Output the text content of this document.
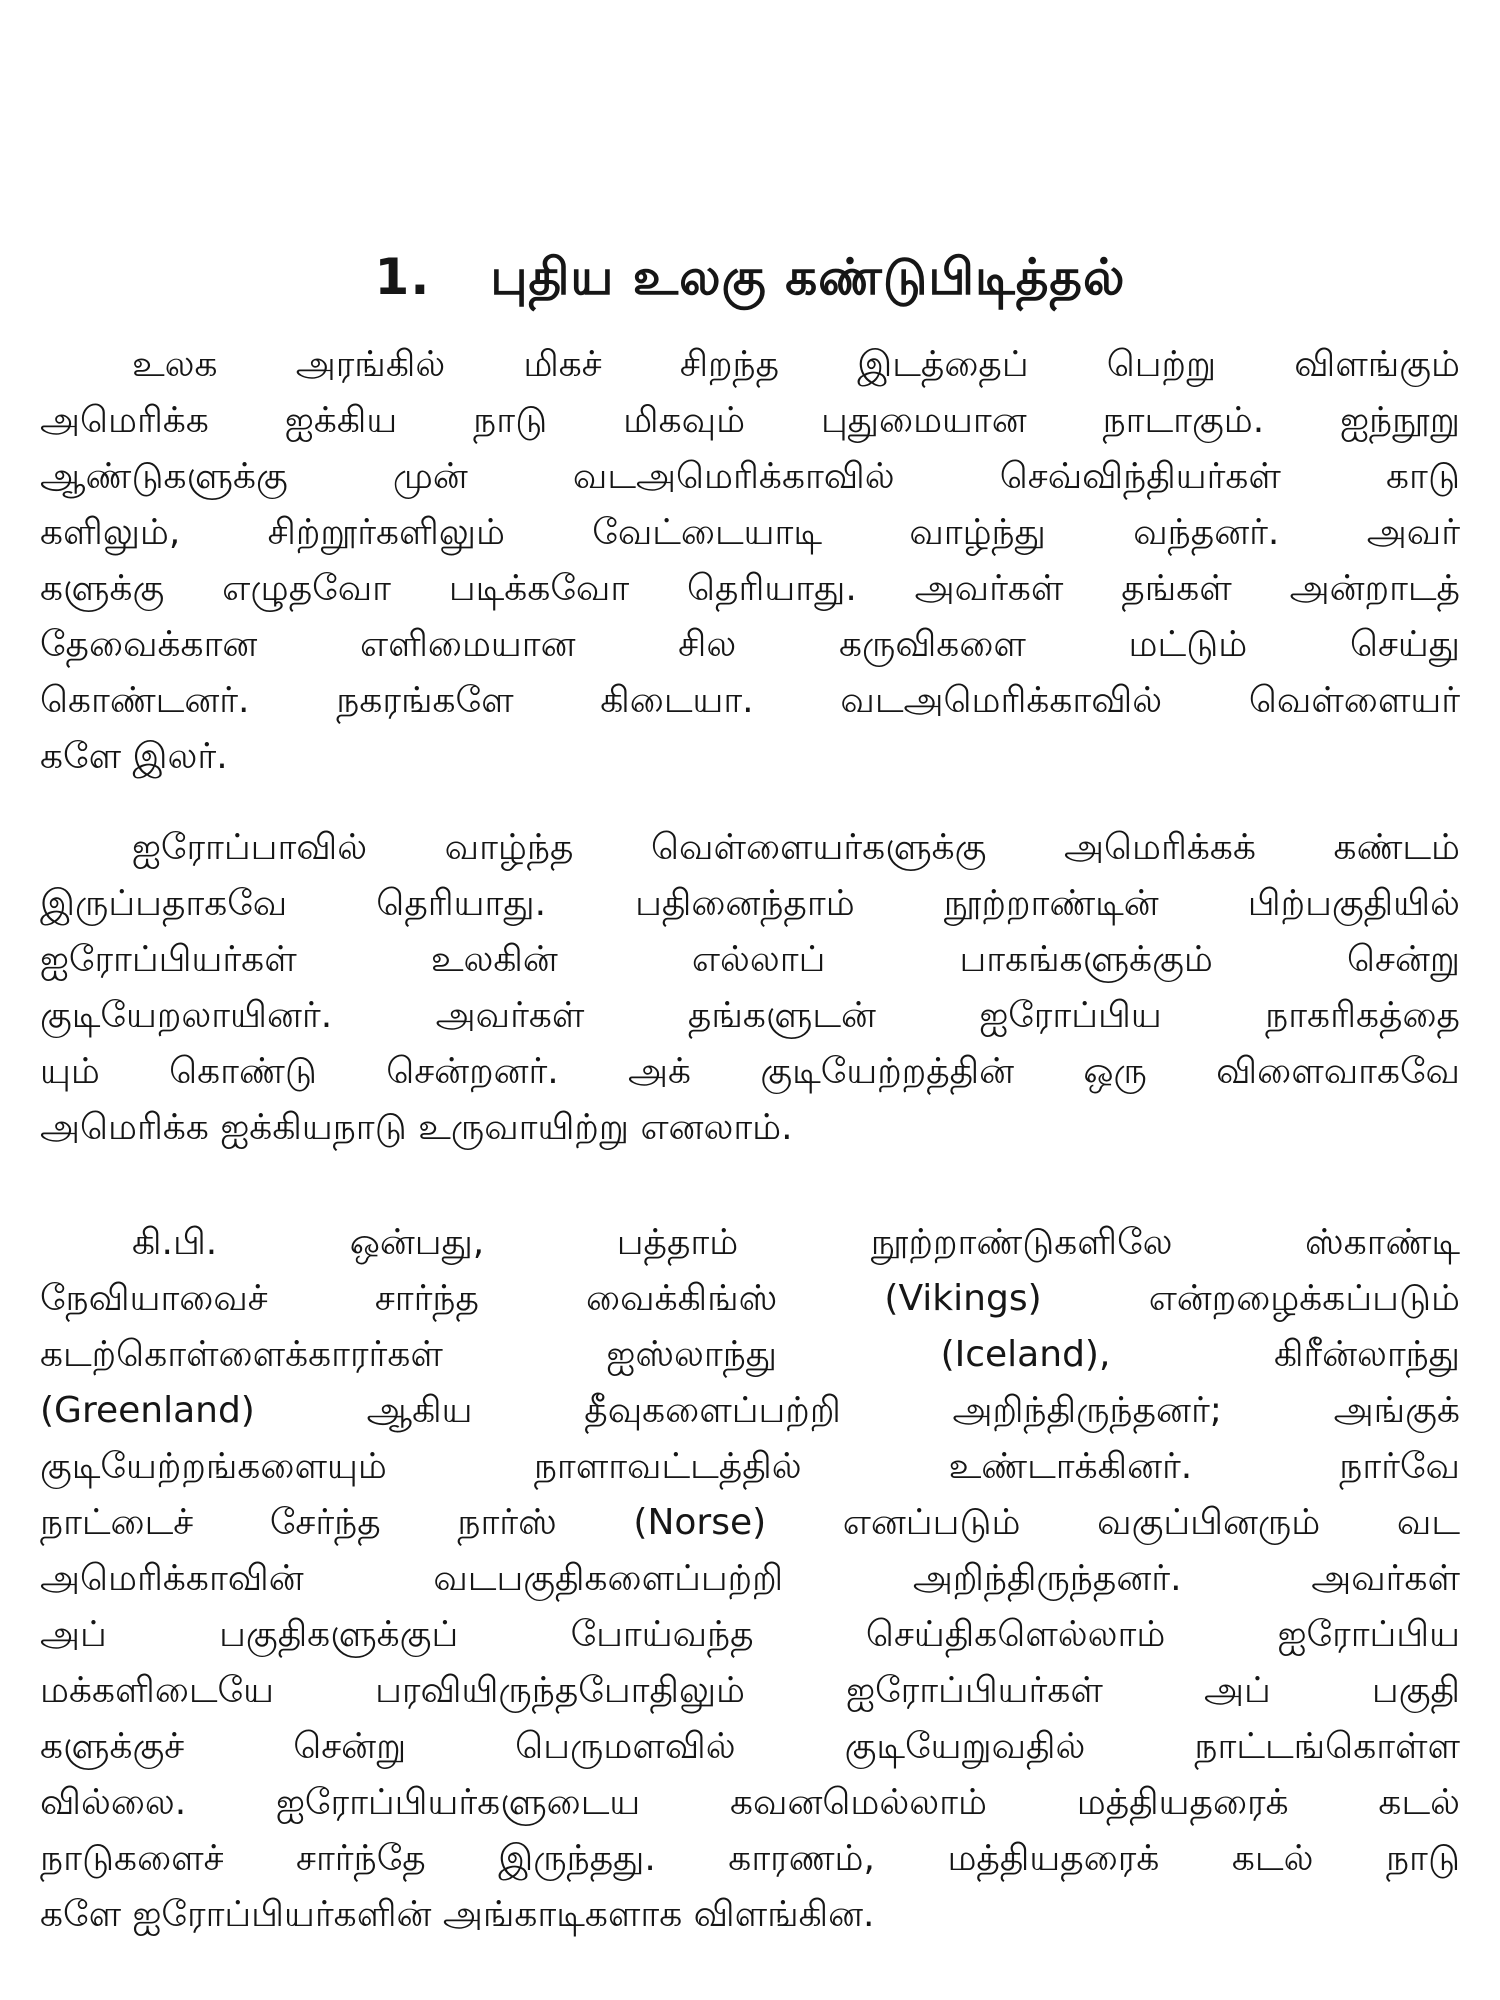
1. புதிய உலகு கண்டுபிடித்தல்
உலக அரங்கில் மிகச் சிறந்த இடத்தைப் பெற்று விளங்கும்
அமெரிக்க ஐக்கிய நாடு மிகவும் புதுமையான நாடாகும். ஐந்நூறு
ஆண்டுகளுக்கு முன் வடஅமெரிக்காவில் செவ்விந்தியர்கள் காடு
களிலும், சிற்றூர்களிலும் வேட்டையாடி வாழ்ந்து வந்தனர். அவர்
களுக்கு எழுதவோ படிக்கவோ தெரியாது. அவர்கள் தங்கள் அன்றாடத்
தேவைக்கான எளிமையான சில கருவிகளை மட்டும் செய்து
கொண்டனர். நகரங்களே கிடையா. வடஅமெரிக்காவில் வெள்ளையர்
களே இலர்.
ஐரோப்பாவில் வாழ்ந்த வெள்ளையர்களுக்கு அமெரிக்கக் கண்டம்
இருப்பதாகவே தெரியாது. பதினைந்தாம் நூற்றாண்டின் பிற்பகுதியில்
ஐரோப்பியர்கள் உலகின் எல்லாப் பாகங்களுக்கும் சென்று
குடியேறலாயினர். அவர்கள் தங்களுடன் ஐரோப்பிய நாகரிகத்தை
யும் கொண்டு சென்றனர். அக் குடியேற்றத்தின் ஒரு விளைவாகவே
அமெரிக்க ஐக்கியநாடு உருவாயிற்று எனலாம்.
கி.பி. ஒன்பது, பத்தாம் நூற்றாண்டுகளிலே ஸ்காண்டி
நேவியாவைச் சார்ந்த வைக்கிங்ஸ் (Vikings) என்றழைக்கப்படும்
கடற்கொள்ளைக்காரர்கள் ஐஸ்லாந்து (Iceland), கிரீன்லாந்து
(Greenland) ஆகிய தீவுகளைப்பற்றி அறிந்திருந்தனர்; அங்குக்
குடியேற்றங்களையும் நாளாவட்டத்தில் உண்டாக்கினர். நார்வே
நாட்டைச் சேர்ந்த நார்ஸ் (Norse) எனப்படும் வகுப்பினரும் வட
அமெரிக்காவின் வடபகுதிகளைப்பற்றி அறிந்திருந்தனர். அவர்கள்
அப் பகுதிகளுக்குப் போய்வந்த செய்திகளெல்லாம் ஐரோப்பிய
மக்களிடையே பரவியிருந்தபோதிலும் ஐரோப்பியர்கள் அப் பகுதி
களுக்குச் சென்று பெருமளவில் குடியேறுவதில் நாட்டங்கொள்ள
வில்லை. ஐரோப்பியர்களுடைய கவனமெல்லாம் மத்தியதரைக் கடல்
நாடுகளைச் சார்ந்தே இருந்தது. காரணம், மத்தியதரைக் கடல் நாடு
களே ஐரோப்பியர்களின் அங்காடிகளாக விளங்கின.
